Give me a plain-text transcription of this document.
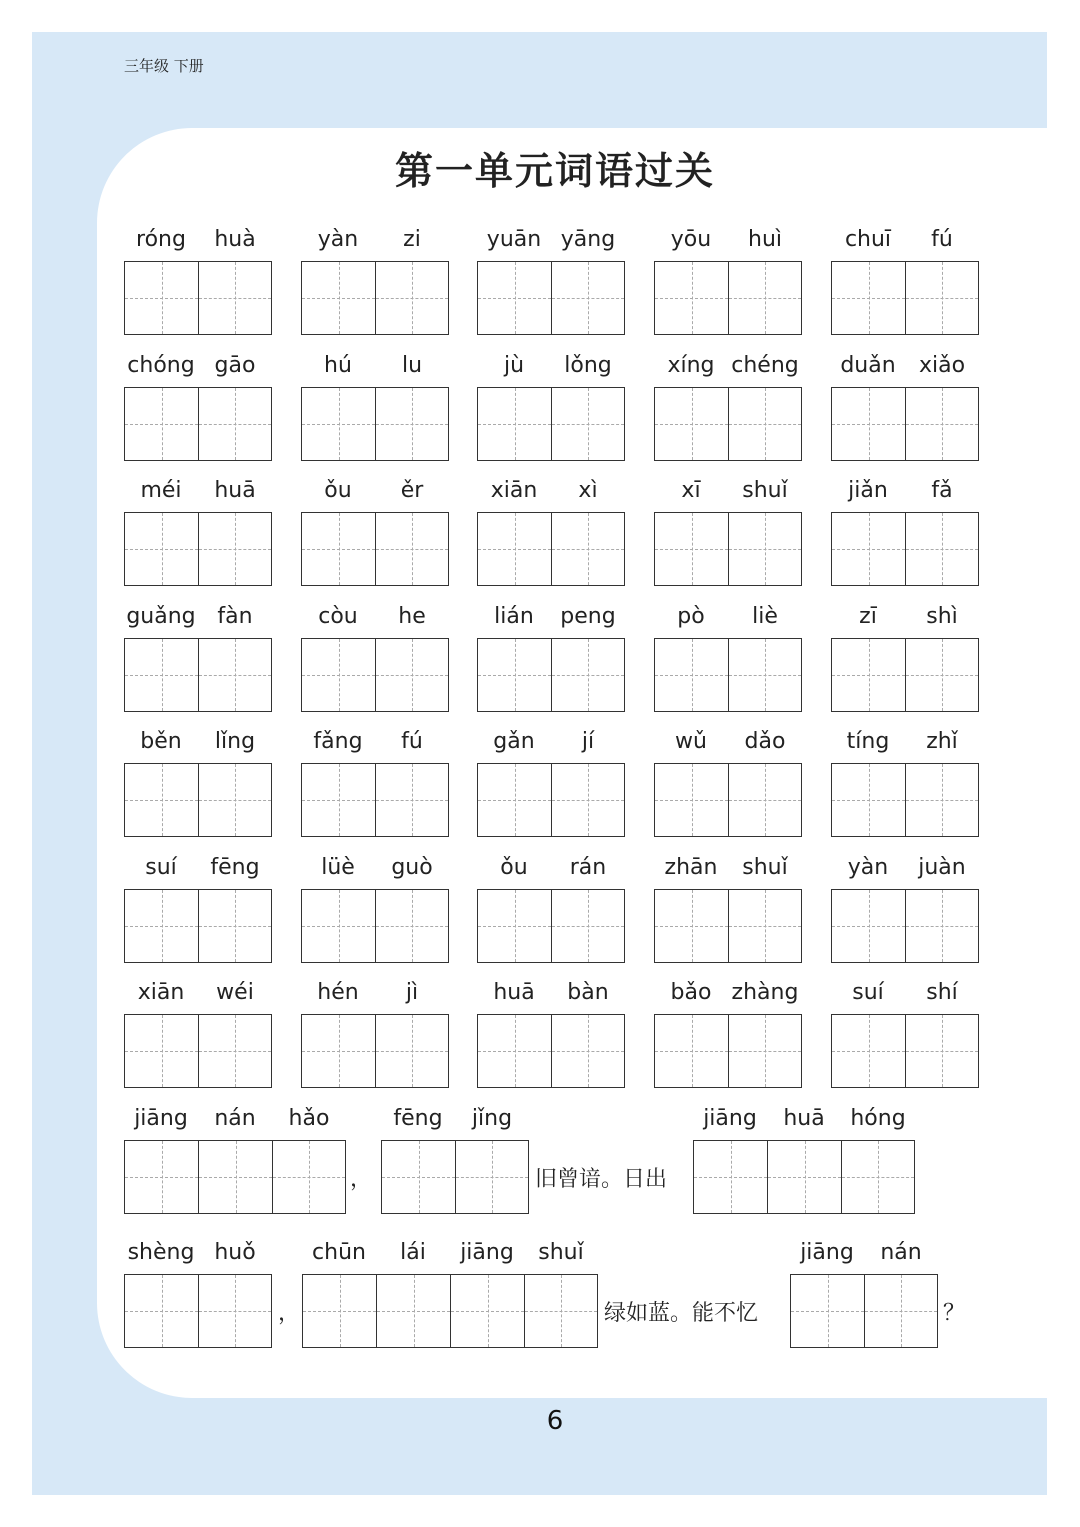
三年级 下册
第一单元词语过关
róng	huà	yàn	zi	yuān yāng	yōu	huì	chuī	fú
chóng gāo	hú	lu	jù	lǒng	xíng chéng	duǎn	xiǎo
méi	huā	ǒu	ěr	xiān	xì	xī	shuǐ	jiǎn	fǎ
guǎng fàn	còu	he	lián	peng	pò	liè	zī	shì
běn	lǐng	fǎng	fú	gǎn	jí	wǔ	dǎo	tíng	zhǐ
suí	fēng	lüè	guò	ǒu	rán	zhān	shuǐ	yàn	juàn
xiān	wéi	hén	jì	huā	bàn	bǎo zhàng	suí	shí
jiāng	nán	hǎo
，
fēng	jǐng
旧曾谙。日出
jiāng	huā	hóng
shèng huǒ
，
chūn	lái	jiāng	shuǐ
绿如蓝。能不忆
jiāng	nán
？
6
